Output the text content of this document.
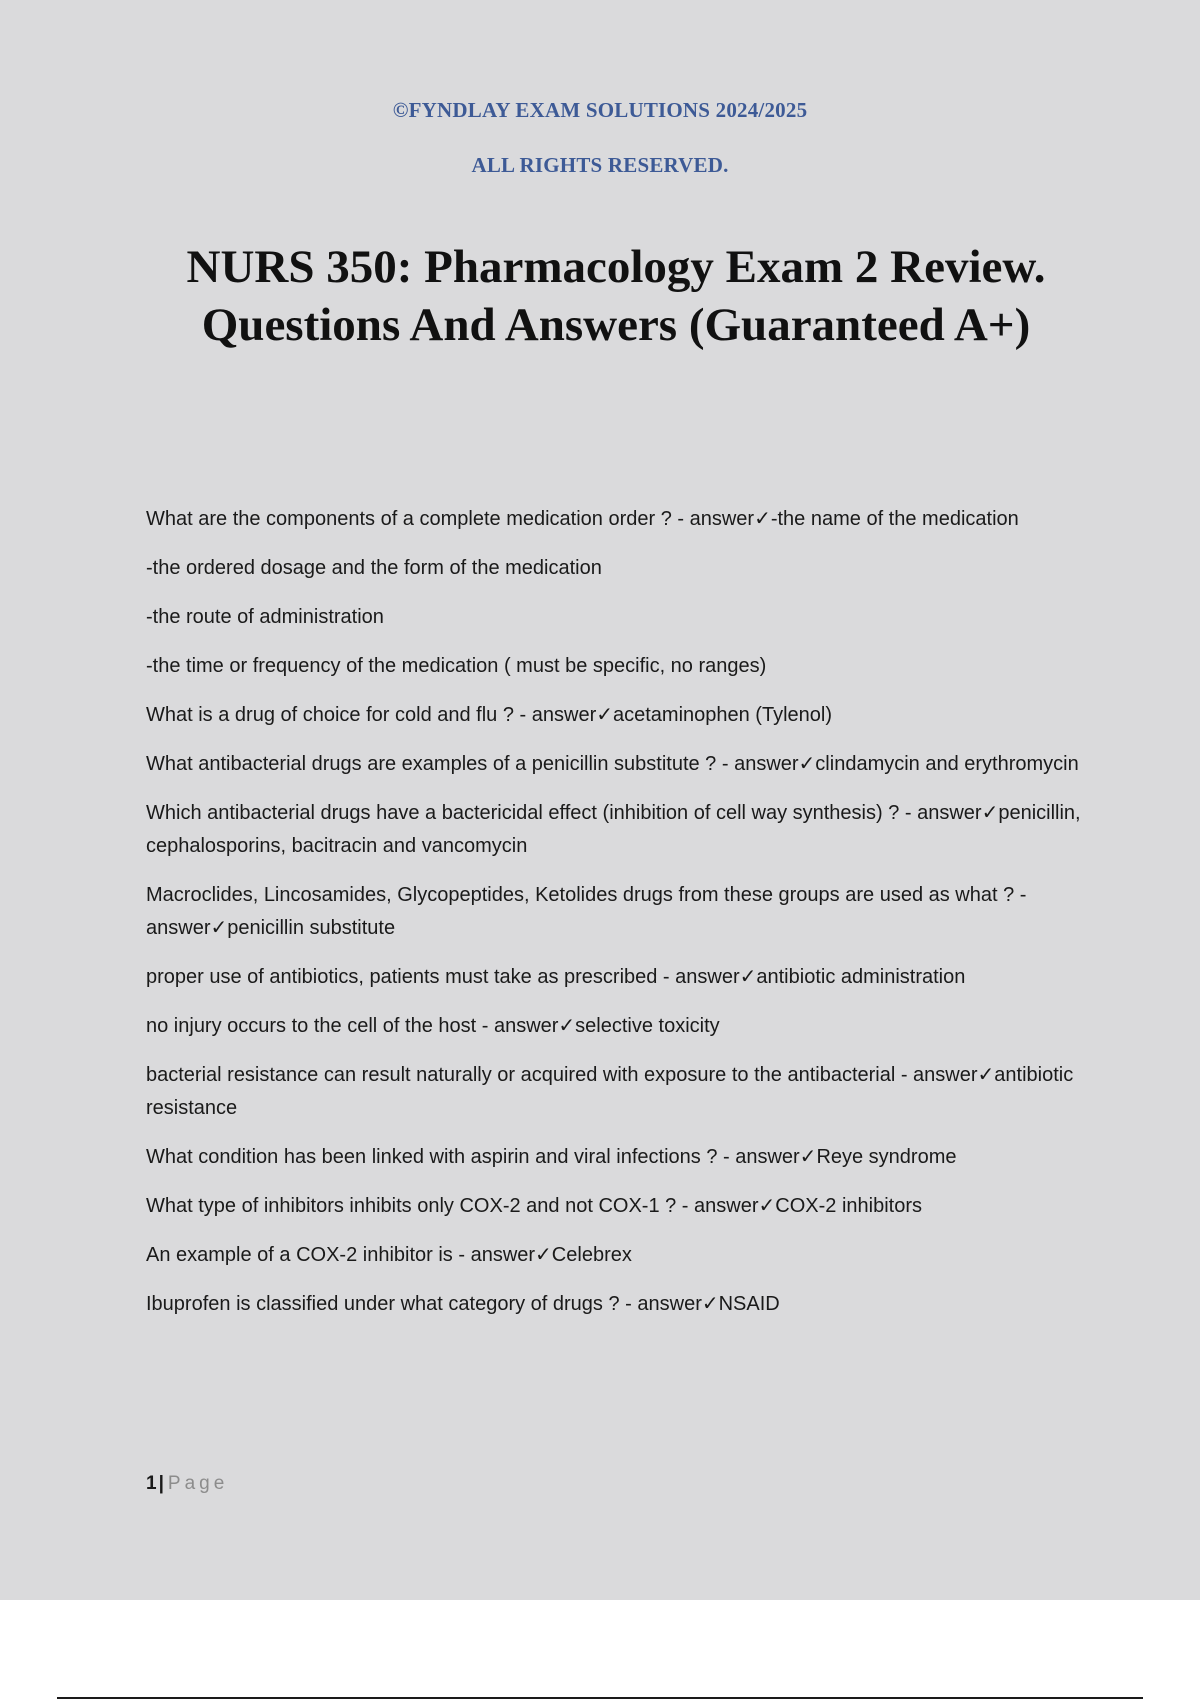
©FYNDLAY EXAM SOLUTIONS 2024/2025
ALL RIGHTS RESERVED.
NURS 350: Pharmacology Exam 2 Review.
Questions And Answers (Guaranteed A+)
What are the components of a complete medication order ? - answer✓-the name of the medication
-the ordered dosage and the form of the medication
-the route of administration
-the time or frequency of the medication ( must be specific, no ranges)
What is a drug of choice for cold and flu ? - answer✓acetaminophen (Tylenol)
What antibacterial drugs are examples of a penicillin substitute ? - answer✓clindamycin and erythromycin
Which antibacterial drugs have a bactericidal effect (inhibition of cell way synthesis) ? - answer✓penicillin, cephalosporins, bacitracin and vancomycin
Macroclides, Lincosamides, Glycopeptides, Ketolides drugs from these groups are used as what ? - answer✓penicillin substitute
proper use of antibiotics, patients must take as prescribed - answer✓antibiotic administration
no injury occurs to the cell of the host - answer✓selective toxicity
bacterial resistance can result naturally or acquired with exposure to the antibacterial - answer✓antibiotic resistance
What condition has been linked with aspirin and viral infections ? - answer✓Reye syndrome
What type of inhibitors inhibits only COX-2 and not COX-1 ? - answer✓COX-2 inhibitors
An example of a COX-2 inhibitor is - answer✓Celebrex
Ibuprofen is classified under what category of drugs ? - answer✓NSAID
1 | Page
